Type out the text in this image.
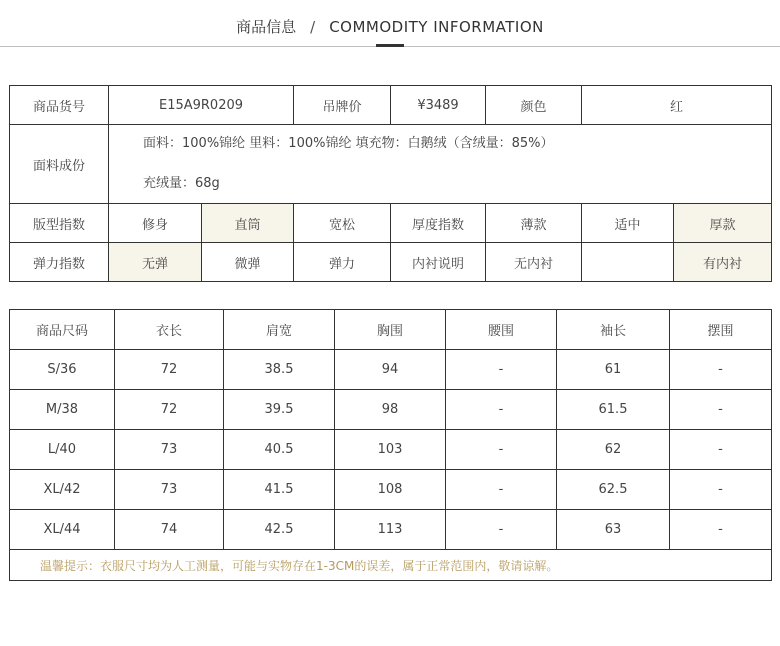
商品信息 / COMMODITY INFORMATION
商品货号	E15A9R0209		吊牌价	¥3489	颜色	红	
面料成份	面料：100%锦纶 里料：100%锦纶 填充物：白鹅绒（含绒量：85%）
充绒量：68g						

版型指数	修身	直筒	宽松	厚度指数	薄款	适中	厚款
弹力指数	无弹	微弹	弹力	内衬说明	无内衬		有内衬
商品尺码	衣长	肩宽	胸围	腰围	袖长	摆围
S/36	72	38.5	94	-	61	-
M/38	72	39.5	98	-	61.5	-
L/40	73	40.5	103	-	62	-
XL/42	73	41.5	108	-	62.5	-
XL/44	74	42.5	113	-	63	-
温馨提示：衣服尺寸均为人工测量，可能与实物存在1-3CM的误差，属于正常范围内，敬请谅解。						
